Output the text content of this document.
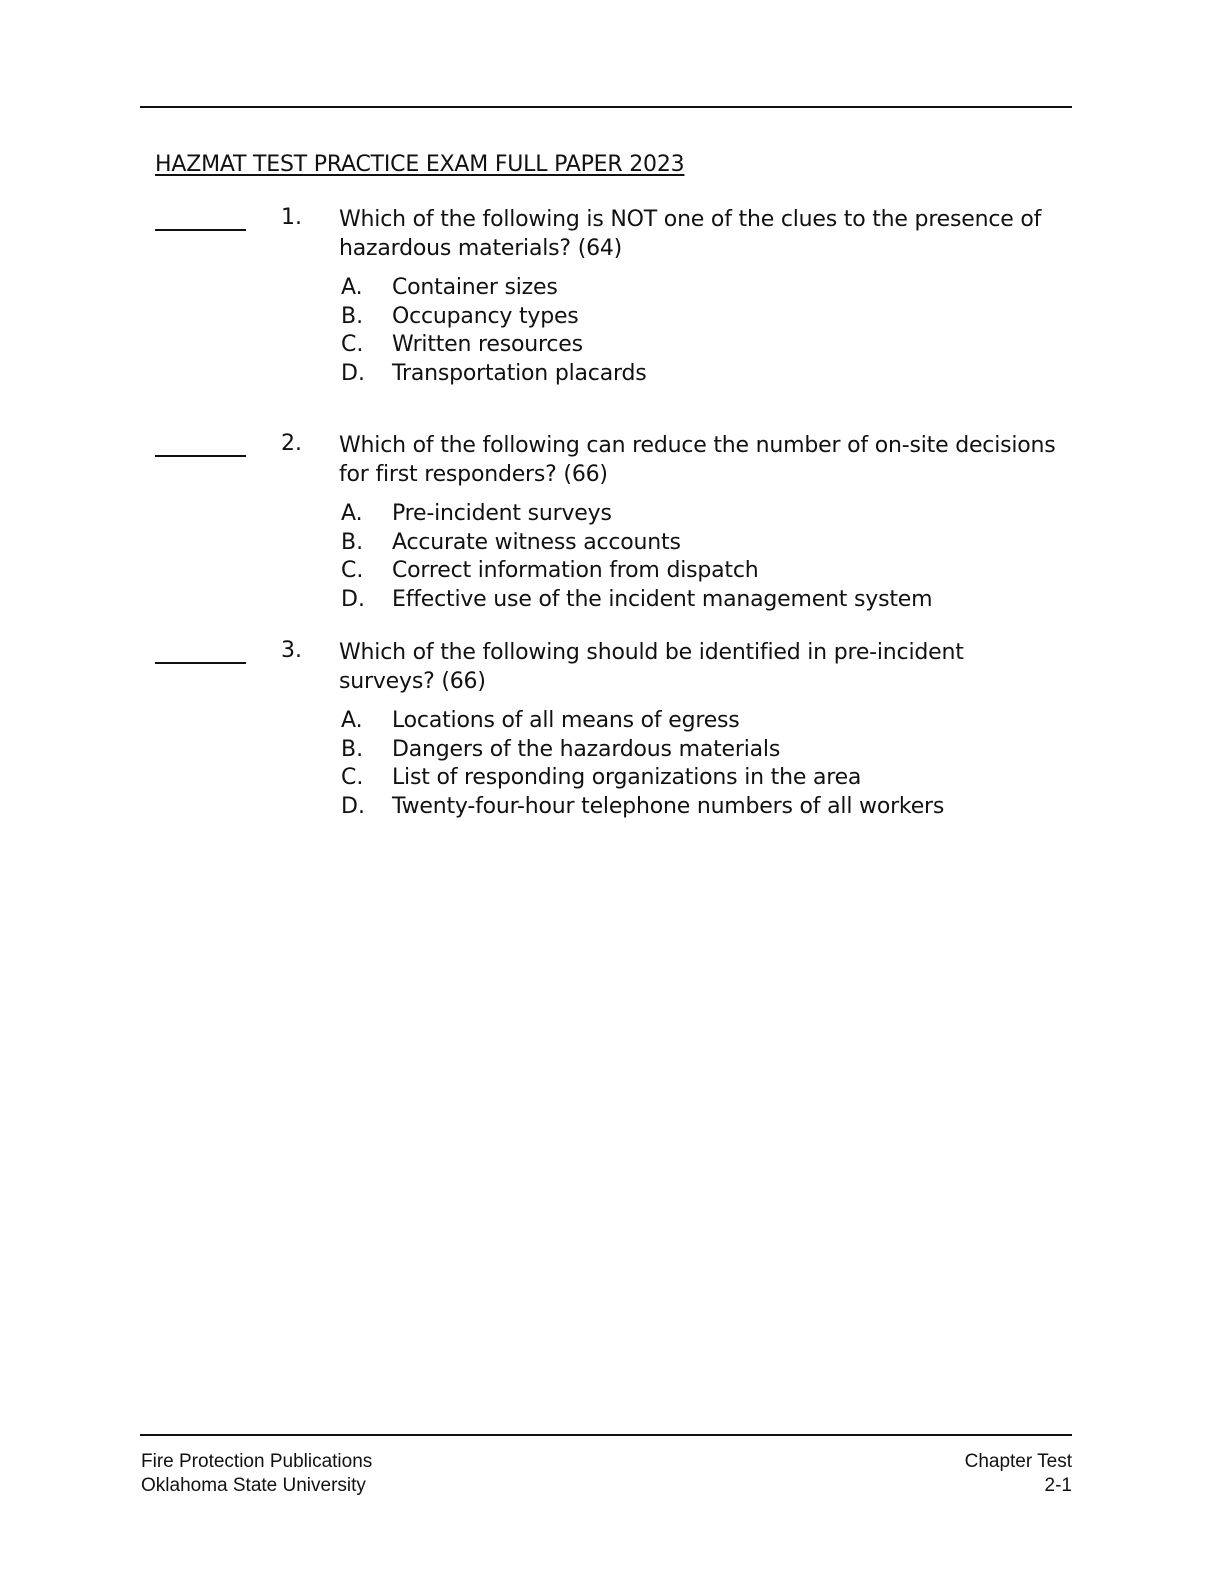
HAZMAT TEST PRACTICE EXAM FULL PAPER 2023
1. Which of the following is NOT one of the clues to the presence of hazardous materials? (64)
A. Container sizes
B. Occupancy types
C. Written resources
D. Transportation placards
2. Which of the following can reduce the number of on-site decisions for first responders? (66)
A. Pre-incident surveys
B. Accurate witness accounts
C. Correct information from dispatch
D. Effective use of the incident management system
3. Which of the following should be identified in pre-incident surveys? (66)
A. Locations of all means of egress
B. Dangers of the hazardous materials
C. List of responding organizations in the area
D. Twenty-four-hour telephone numbers of all workers
Fire Protection Publications
Oklahoma State University
Chapter Test
2-1
